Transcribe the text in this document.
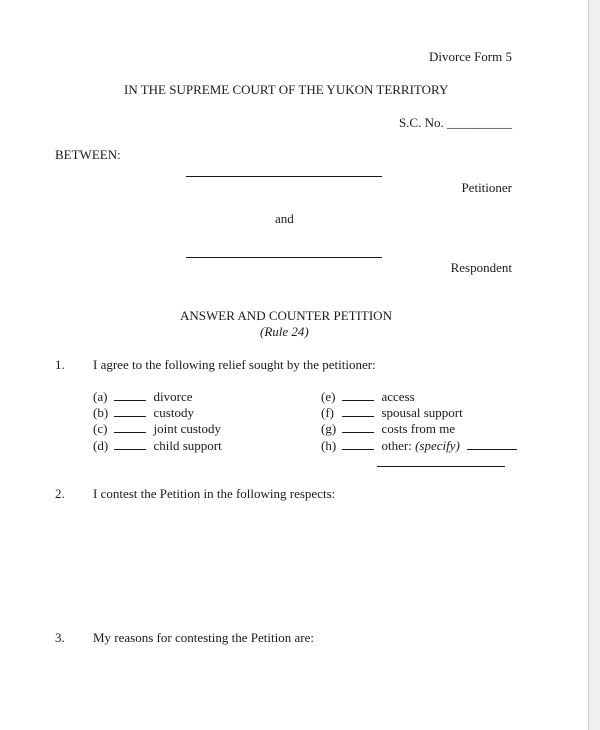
Divorce Form 5
IN THE SUPREME COURT OF THE YUKON TERRITORY
S.C. No. __________
BETWEEN:
Petitioner
and
Respondent
ANSWER AND COUNTER PETITION
(Rule 24)
1. I agree to the following relief sought by the petitioner:
(a)	divorce
(b)	custody
(c)	joint custody
(d)	child support
(e)	access
(f)	spousal support
(g)	costs from me
(h)	other: (specify)
2. I contest the Petition in the following respects:
3. My reasons for contesting the Petition are:
